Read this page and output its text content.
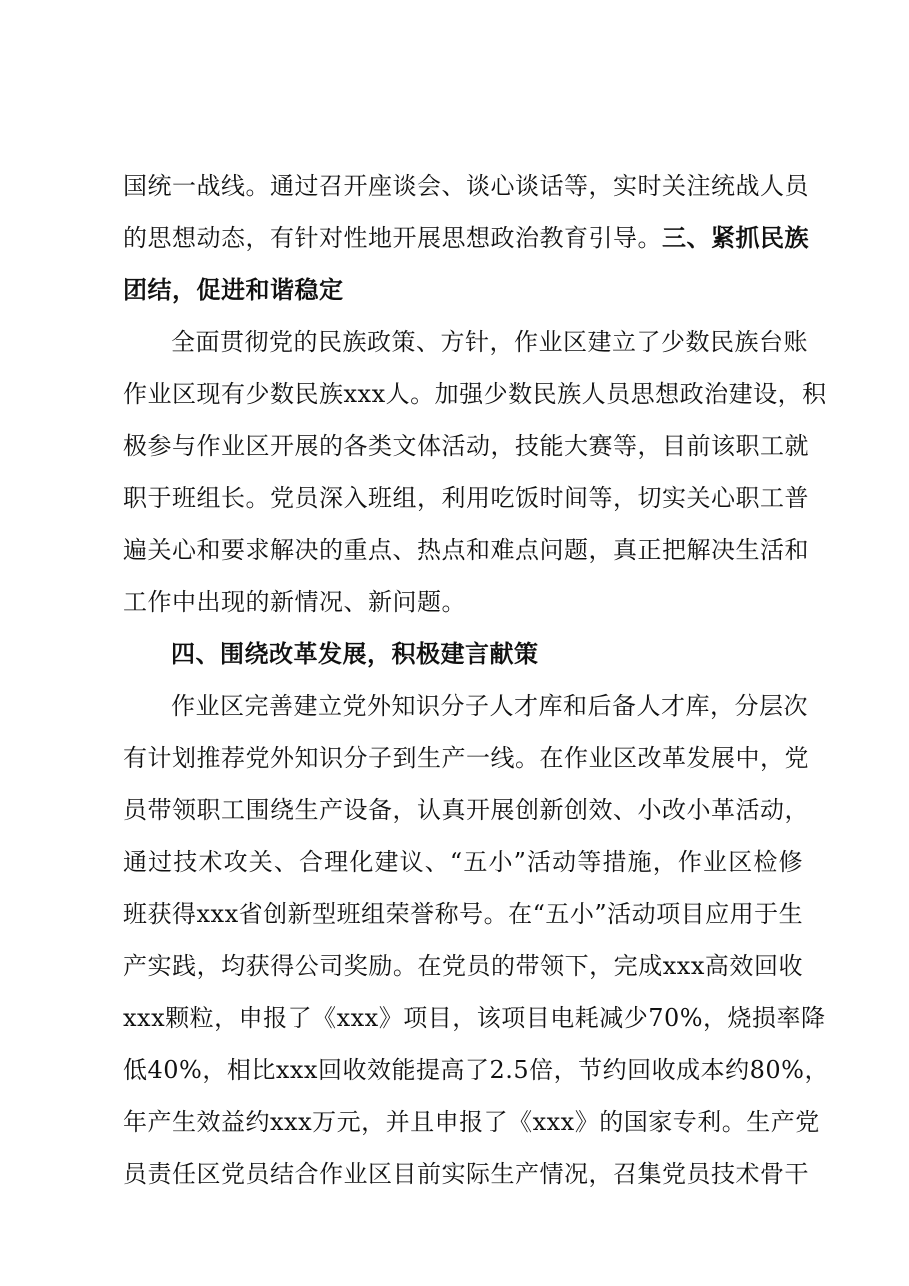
国统一战线。通过召开座谈会、谈心谈话等，实时关注统战人员
的思想动态，有针对性地开展思想政治教育引导。三、紧抓民族
团结，促进和谐稳定
全面贯彻党的民族政策、方针，作业区建立了少数民族台账
作业区现有少数民族xxx人。加强少数民族人员思想政治建设，积
极参与作业区开展的各类文体活动，技能大赛等，目前该职工就
职于班组长。党员深入班组，利用吃饭时间等，切实关心职工普
遍关心和要求解决的重点、热点和难点问题，真正把解决生活和
工作中出现的新情况、新问题。
四、围绕改革发展，积极建言献策
作业区完善建立党外知识分子人才库和后备人才库，分层次
有计划推荐党外知识分子到生产一线。在作业区改革发展中，党
员带领职工围绕生产设备，认真开展创新创效、小改小革活动，
通过技术攻关、合理化建议、“五小”活动等措施，作业区检修
班获得xxx省创新型班组荣誉称号。在“五小”活动项目应用于生
产实践，均获得公司奖励。在党员的带领下，完成xxx高效回收
xxx颗粒，申报了《xxx》项目，该项目电耗减少70%，烧损率降
低40%，相比xxx回收效能提高了2.5倍，节约回收成本约80%，
年产生效益约xxx万元，并且申报了《xxx》的国家专利。生产党
员责任区党员结合作业区目前实际生产情况，召集党员技术骨干
